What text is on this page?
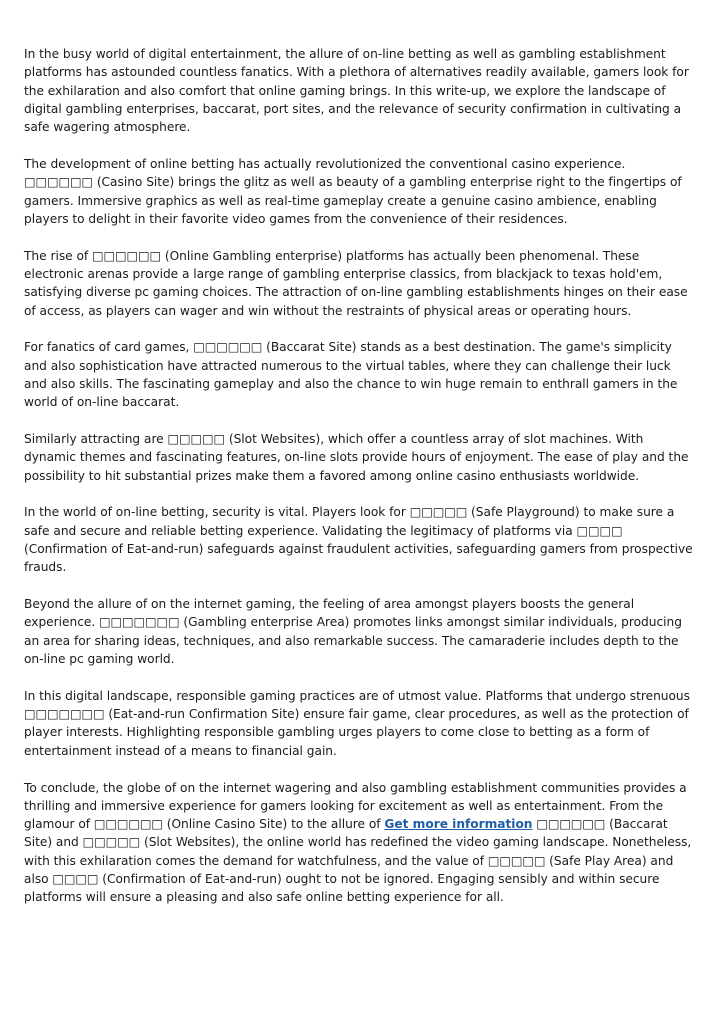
In the busy world of digital entertainment, the allure of on-line betting as well as gambling establishment platforms has astounded countless fanatics. With a plethora of alternatives readily available, gamers look for the exhilaration and also comfort that online gaming brings. In this write-up, we explore the landscape of digital gambling enterprises, baccarat, port sites, and the relevance of security confirmation in cultivating a safe wagering atmosphere.

The development of online betting has actually revolutionized the conventional casino experience. □□□□□□ (Casino Site) brings the glitz as well as beauty of a gambling enterprise right to the fingertips of gamers. Immersive graphics as well as real-time gameplay create a genuine casino ambience, enabling players to delight in their favorite video games from the convenience of their residences.

The rise of □□□□□□ (Online Gambling enterprise) platforms has actually been phenomenal. These electronic arenas provide a large range of gambling enterprise classics, from blackjack to texas hold'em, satisfying diverse pc gaming choices. The attraction of on-line gambling establishments hinges on their ease of access, as players can wager and win without the restraints of physical areas or operating hours.

For fanatics of card games, □□□□□□ (Baccarat Site) stands as a best destination. The game's simplicity and also sophistication have attracted numerous to the virtual tables, where they can challenge their luck and also skills. The fascinating gameplay and also the chance to win huge remain to enthrall gamers in the world of on-line baccarat.

Similarly attracting are □□□□□ (Slot Websites), which offer a countless array of slot machines. With dynamic themes and fascinating features, on-line slots provide hours of enjoyment. The ease of play and the possibility to hit substantial prizes make them a favored among online casino enthusiasts worldwide.

In the world of on-line betting, security is vital. Players look for □□□□□ (Safe Playground) to make sure a safe and secure and reliable betting experience. Validating the legitimacy of platforms via □□□□ (Confirmation of Eat-and-run) safeguards against fraudulent activities, safeguarding gamers from prospective frauds.

Beyond the allure of on the internet gaming, the feeling of area amongst players boosts the general experience. □□□□□□□ (Gambling enterprise Area) promotes links amongst similar individuals, producing an area for sharing ideas, techniques, and also remarkable success. The camaraderie includes depth to the on-line pc gaming world.

In this digital landscape, responsible gaming practices are of utmost value. Platforms that undergo strenuous □□□□□□□ (Eat-and-run Confirmation Site) ensure fair game, clear procedures, as well as the protection of player interests. Highlighting responsible gambling urges players to come close to betting as a form of entertainment instead of a means to financial gain.

To conclude, the globe of on the internet wagering and also gambling establishment communities provides a thrilling and immersive experience for gamers looking for excitement as well as entertainment. From the glamour of □□□□□□ (Online Casino Site) to the allure of Get more information □□□□□□ (Baccarat Site) and □□□□□ (Slot Websites), the online world has redefined the video gaming landscape. Nonetheless, with this exhilaration comes the demand for watchfulness, and the value of □□□□□ (Safe Play Area) and also □□□□ (Confirmation of Eat-and-run) ought to not be ignored. Engaging sensibly and within secure platforms will ensure a pleasing and also safe online betting experience for all.
